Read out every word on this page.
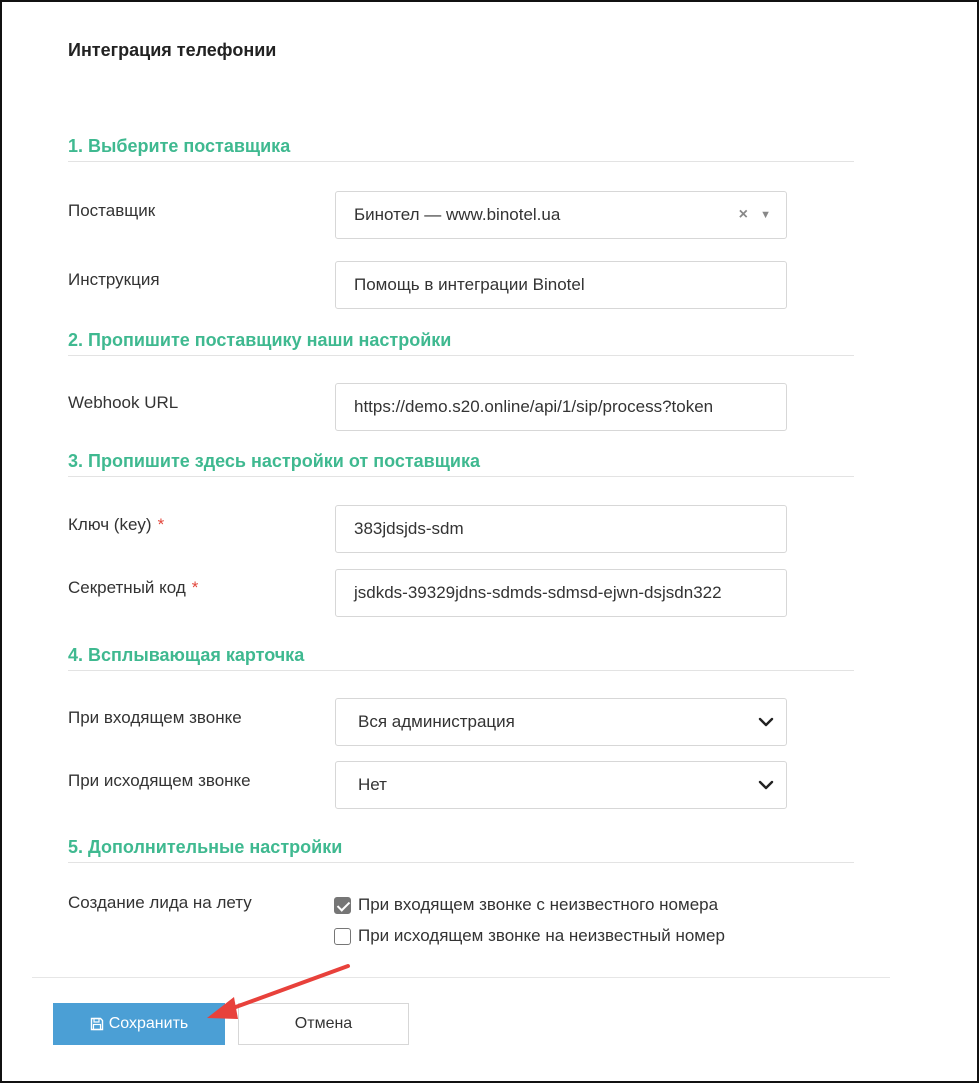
Интеграция телефонии
1. Выберите поставщика
Поставщик	Бинотел — www.binotel.ua	× ▼
Инструкция	Помощь в интеграции Binotel
2. Пропишите поставщику наши настройки
Webhook URL	https://demo.s20.online/api/1/sip/process?token
3. Пропишите здесь настройки от поставщика
Ключ (key) *	383jdsjds-sdm
Секретный код *	jsdkds-39329jdns-sdmds-sdmsd-ejwn-dsjsdn322
4. Всплывающая карточка
При входящем звонке	Вся администрация
При исходящем звонке	Нет
5. Дополнительные настройки
Создание лида на лету	При входящем звонке с неизвестного номера
При исходящем звонке на неизвестный номер
Сохранить	Отмена
